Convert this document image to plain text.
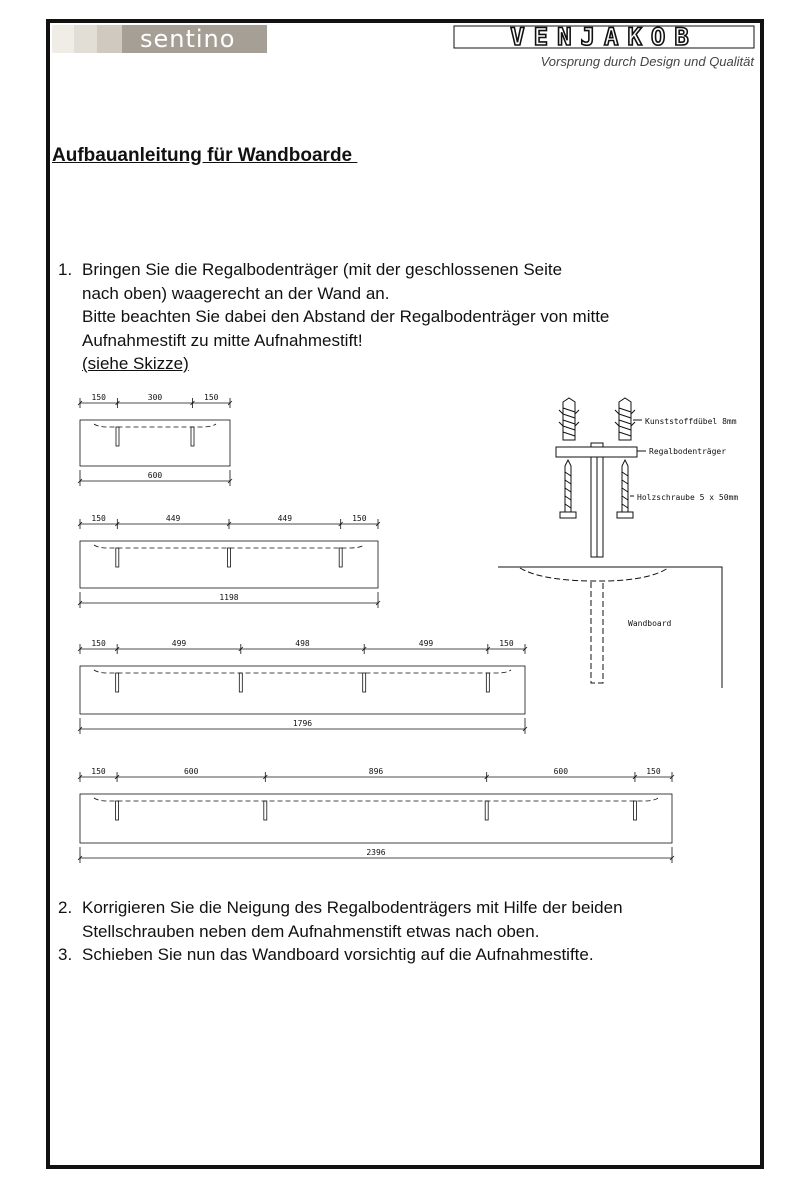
sentino	VENJAKOB
Vorsprung durch Design und Qualität
Aufbauanleitung für Wandboarde
1. Bringen Sie die Regalbodenträger (mit der geschlossenen Seite
nach oben) waagerecht an der Wand an.
Bitte beachten Sie dabei den Abstand der Regalbodenträger von mitte
Aufnahmestift zu mitte Aufnahmestift!
(siehe Skizze)
150	300	150
600
150	449	449	150
1198
150	499	498	499	150
1796
150	600	896	600	150
2396
Kunststoffdübel 8mm
Regalbodenträger
Holzschraube 5 x 50mm
Wandboard
2. Korrigieren Sie die Neigung des Regalbodenträgers mit Hilfe der beiden
Stellschrauben neben dem Aufnahmenstift etwas nach oben.
3. Schieben Sie nun das Wandboard vorsichtig auf die Aufnahmestifte.
